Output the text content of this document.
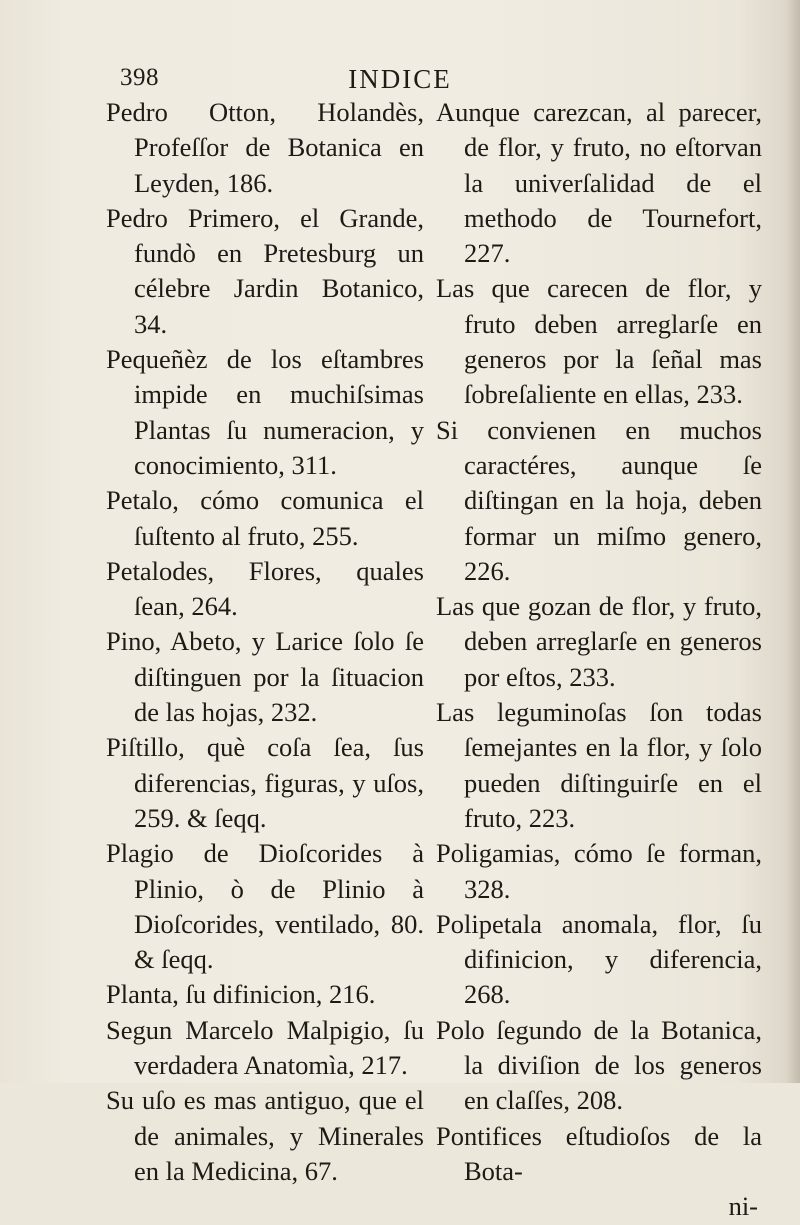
398	INDICE

Pedro Otton, Holandès, Profeſſor de Botanica en Leyden, 186.

Pedro Primero, el Grande, fundò en Pretesburg un célebre Jardin Botanico, 34.

Pequeñèz de los eſtambres impide en muchiſsimas Plantas ſu numeracion, y conocimiento, 311.

Petalo, cómo comunica el ſuſtento al fruto, 255.

Petalodes, Flores, quales ſean, 264.

Pino, Abeto, y Larice ſolo ſe diſtinguen por la ſituacion de las hojas, 232.

Piſtillo, què coſa ſea, ſus diferencias, figuras, y uſos, 259. & ſeqq.

Plagio de Dioſcorides à Plinio, ò de Plinio à Dioſcorides, ventilado, 80. & ſeqq.

Planta, ſu difinicion, 216.

Segun Marcelo Malpigio, ſu verdadera Anatomìa, 217.

Su uſo es mas antiguo, que el de animales, y Minerales en la Medicina, 67.

Aunque carezcan, al parecer, de flor, y fruto, no eſtorvan la univerſalidad de el methodo de Tournefort, 227.

Las que carecen de flor, y fruto deben arreglarſe en generos por la ſeñal mas ſobreſaliente en ellas, 233.

Si convienen en muchos caractéres, aunque ſe diſtingan en la hoja, deben formar un miſmo genero, 226.

Las que gozan de flor, y fruto, deben arreglarſe en generos por eſtos, 233.

Las leguminoſas ſon todas ſemejantes en la flor, y ſolo pueden diſtinguirſe en el fruto, 223.

Poligamias, cómo ſe forman, 328.

Polipetala anomala, flor, ſu difinicion, y diferencia, 268.

Polo ſegundo de la Botanica, la diviſion de los generos en claſſes, 208.

Pontifices eſtudioſos de la Bota-

ni-
